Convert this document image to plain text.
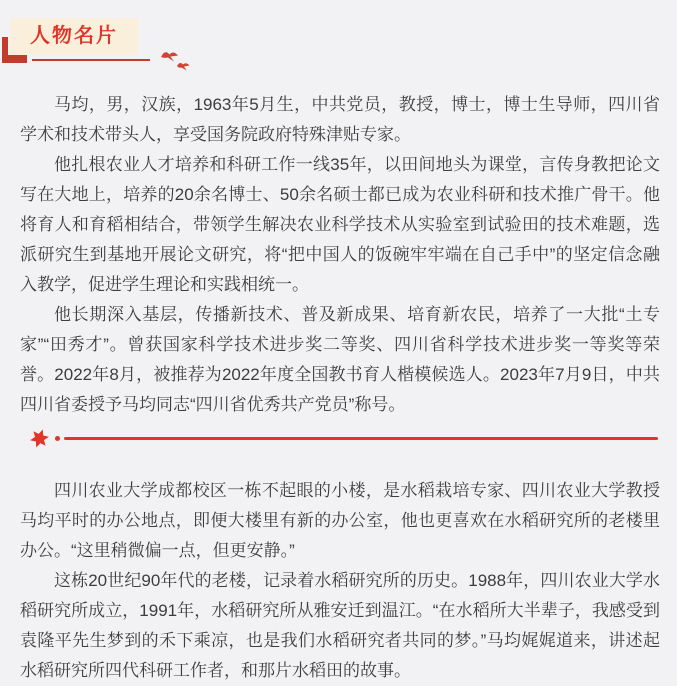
人物名片

马均，男，汉族，1963年5月生，中共党员，教授，博士，博士生导师，四川省学术和技术带头人，享受国务院政府特殊津贴专家。

他扎根农业人才培养和科研工作一线35年，以田间地头为课堂，言传身教把论文写在大地上，培养的20余名博士、50余名硕士都已成为农业科研和技术推广骨干。他将育人和育稻相结合，带领学生解决农业科学技术从实验室到试验田的技术难题，选派研究生到基地开展论文研究，将“把中国人的饭碗牢牢端在自己手中”的坚定信念融入教学，促进学生理论和实践相统一。

他长期深入基层，传播新技术、普及新成果、培育新农民，培养了一大批“土专家”“田秀才”。曾获国家科学技术进步奖二等奖、四川省科学技术进步奖一等奖等荣誉。2022年8月，被推荐为2022年度全国教书育人楷模候选人。2023年7月9日，中共四川省委授予马均同志“四川省优秀共产党员”称号。

四川农业大学成都校区一栋不起眼的小楼，是水稻栽培专家、四川农业大学教授马均平时的办公地点，即便大楼里有新的办公室，他也更喜欢在水稻研究所的老楼里办公。“这里稍微偏一点，但更安静。”

这栋20世纪90年代的老楼，记录着水稻研究所的历史。1988年，四川农业大学水稻研究所成立，1991年，水稻研究所从雅安迁到温江。“在水稻所大半辈子，我感受到袁隆平先生梦到的禾下乘凉，也是我们水稻研究者共同的梦。”马均娓娓道来，讲述起水稻研究所四代科研工作者，和那片水稻田的故事。
